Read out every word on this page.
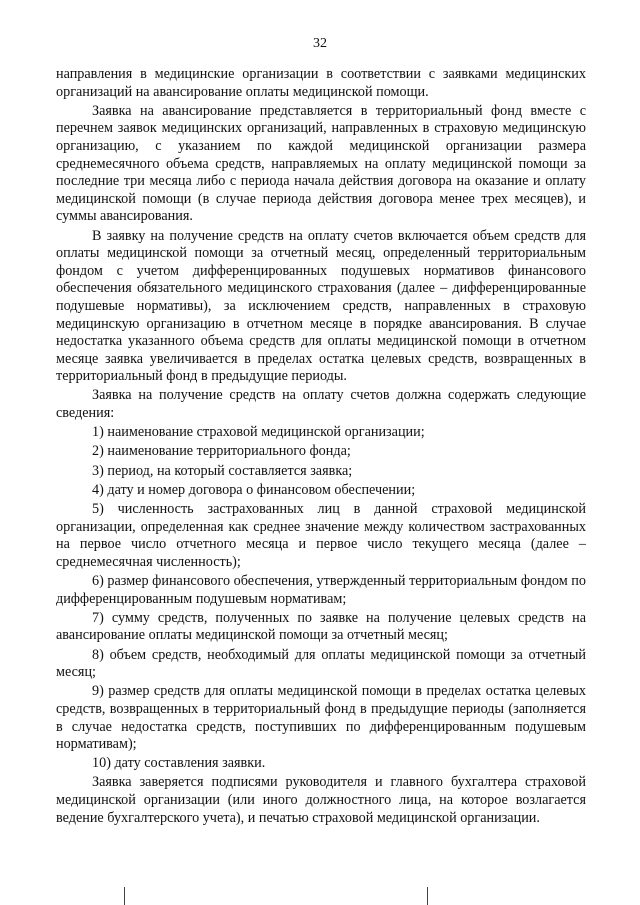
32

направления в медицинские организации в соответствии с заявками медицинских организаций на авансирование оплаты медицинской помощи.

Заявка на авансирование представляется в территориальный фонд вместе с перечнем заявок медицинских организаций, направленных в страховую медицинскую организацию, с указанием по каждой медицинской организации размера среднемесячного объема средств, направляемых на оплату медицинской помощи за последние три месяца либо с периода начала действия договора на оказание и оплату медицинской помощи (в случае периода действия договора менее трех месяцев), и суммы авансирования.

В заявку на получение средств на оплату счетов включается объем средств для оплаты медицинской помощи за отчетный месяц, определенный территориальным фондом с учетом дифференцированных подушевых нормативов финансового обеспечения обязательного медицинского страхования (далее – дифференцированные подушевые нормативы), за исключением средств, направленных в страховую медицинскую организацию в отчетном месяце в порядке авансирования. В случае недостатка указанного объема средств для оплаты медицинской помощи в отчетном месяце заявка увеличивается в пределах остатка целевых средств, возвращенных в территориальный фонд в предыдущие периоды.

Заявка на получение средств на оплату счетов должна содержать следующие сведения:

1) наименование страховой медицинской организации;

2) наименование территориального фонда;

3) период, на который составляется заявка;

4) дату и номер договора о финансовом обеспечении;

5) численность застрахованных лиц в данной страховой медицинской организации, определенная как среднее значение между количеством застрахованных на первое число отчетного месяца и первое число текущего месяца (далее – среднемесячная численность);

6) размер финансового обеспечения, утвержденный территориальным фондом по дифференцированным подушевым нормативам;

7) сумму средств, полученных по заявке на получение целевых средств на авансирование оплаты медицинской помощи за отчетный месяц;

8) объем средств, необходимый для оплаты медицинской помощи за отчетный месяц;

9) размер средств для оплаты медицинской помощи в пределах остатка целевых средств, возвращенных в территориальный фонд в предыдущие периоды (заполняется в случае недостатка средств, поступивших по дифференцированным подушевым нормативам);

10) дату составления заявки.

Заявка заверяется подписями руководителя и главного бухгалтера страховой медицинской организации (или иного должностного лица, на которое возлагается ведение бухгалтерского учета), и печатью страховой медицинской организации.
